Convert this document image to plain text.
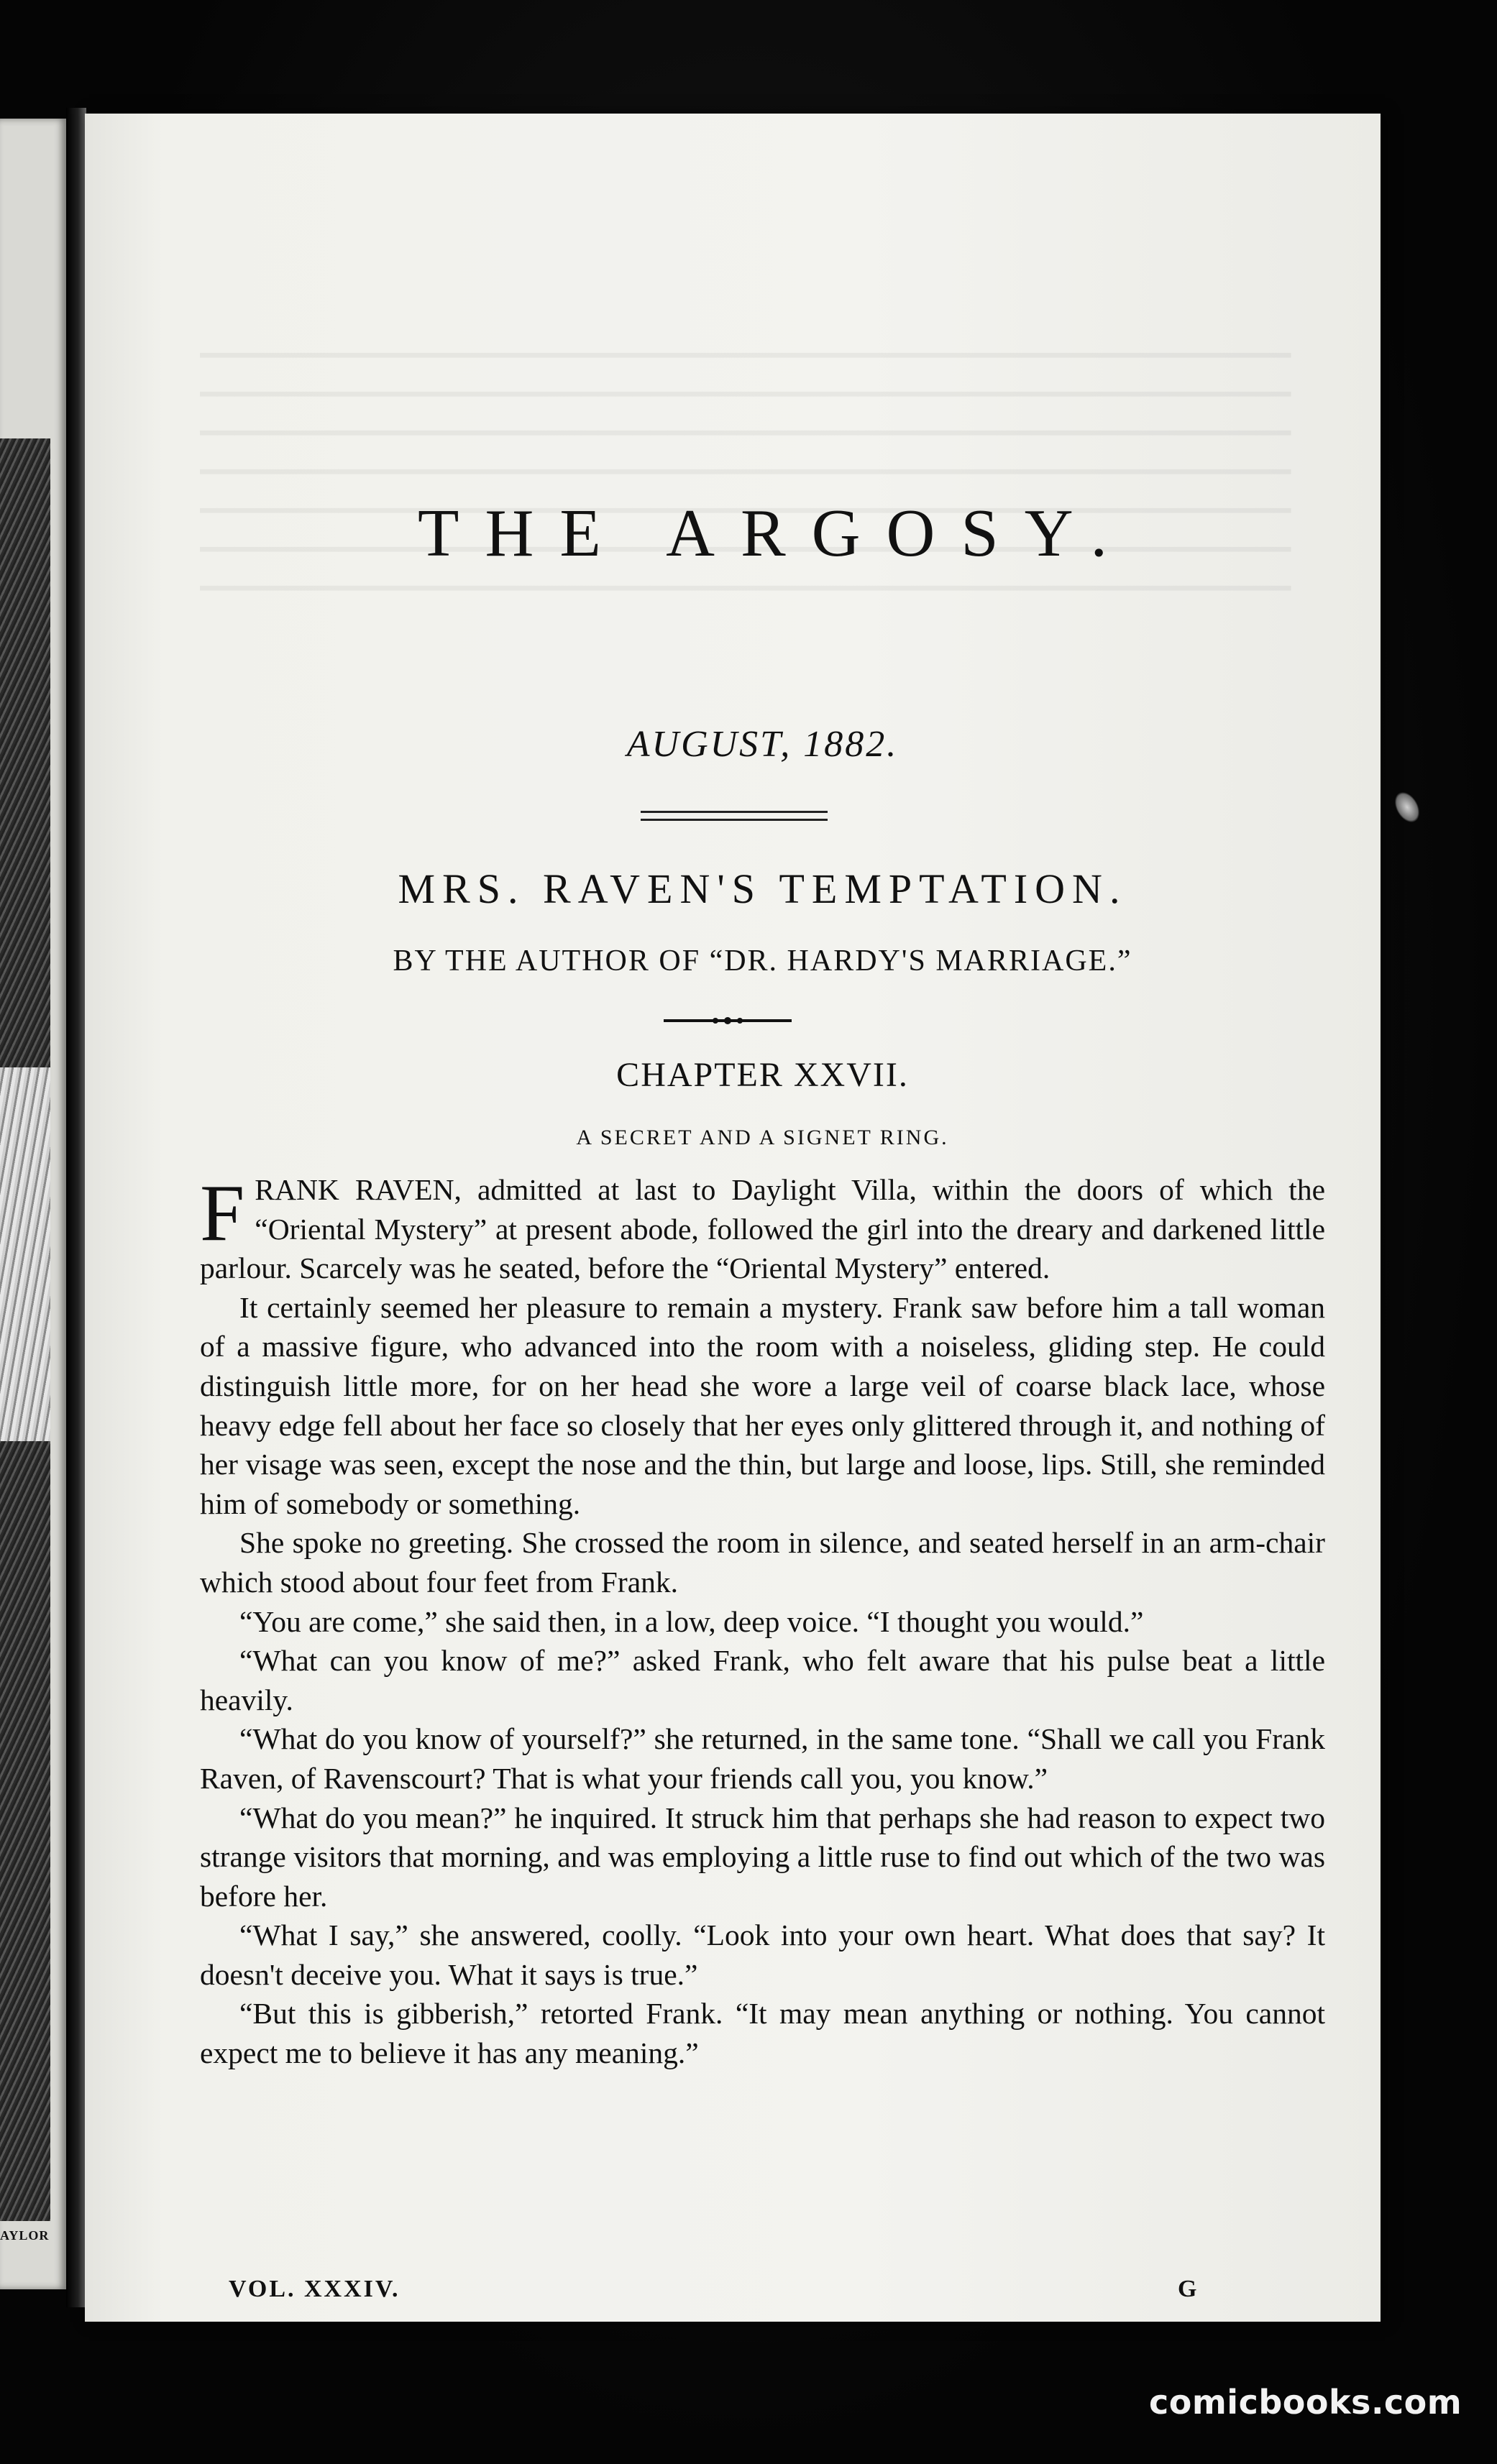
AYLOR

THE ARGOSY.
AUGUST, 1882.
MRS. RAVEN'S TEMPTATION.
BY THE AUTHOR OF “DR. HARDY'S MARRIAGE.”
CHAPTER XXVII.
A SECRET AND A SIGNET RING.

FRANK RAVEN, admitted at last to Daylight Villa, within the doors of which the “Oriental Mystery” at present abode, followed the girl into the dreary and darkened little parlour. Scarcely was he seated, before the “Oriental Mystery” entered.

It certainly seemed her pleasure to remain a mystery. Frank saw before him a tall woman of a massive figure, who advanced into the room with a noiseless, gliding step. He could distinguish little more, for on her head she wore a large veil of coarse black lace, whose heavy edge fell about her face so closely that her eyes only glittered through it, and nothing of her visage was seen, except the nose and the thin, but large and loose, lips. Still, she reminded him of somebody or something.

She spoke no greeting. She crossed the room in silence, and seated herself in an arm-chair which stood about four feet from Frank.

“You are come,” she said then, in a low, deep voice. “I thought you would.”

“What can you know of me?” asked Frank, who felt aware that his pulse beat a little heavily.

“What do you know of yourself?” she returned, in the same tone. “Shall we call you Frank Raven, of Ravenscourt? That is what your friends call you, you know.”

“What do you mean?” he inquired. It struck him that perhaps she had reason to expect two strange visitors that morning, and was employing a little ruse to find out which of the two was before her.

“What I say,” she answered, coolly. “Look into your own heart. What does that say? It doesn't deceive you. What it says is true.”

“But this is gibberish,” retorted Frank. “It may mean anything or nothing. You cannot expect me to believe it has any meaning.”

VOL. XXXIV.	G
comicbooks.com
